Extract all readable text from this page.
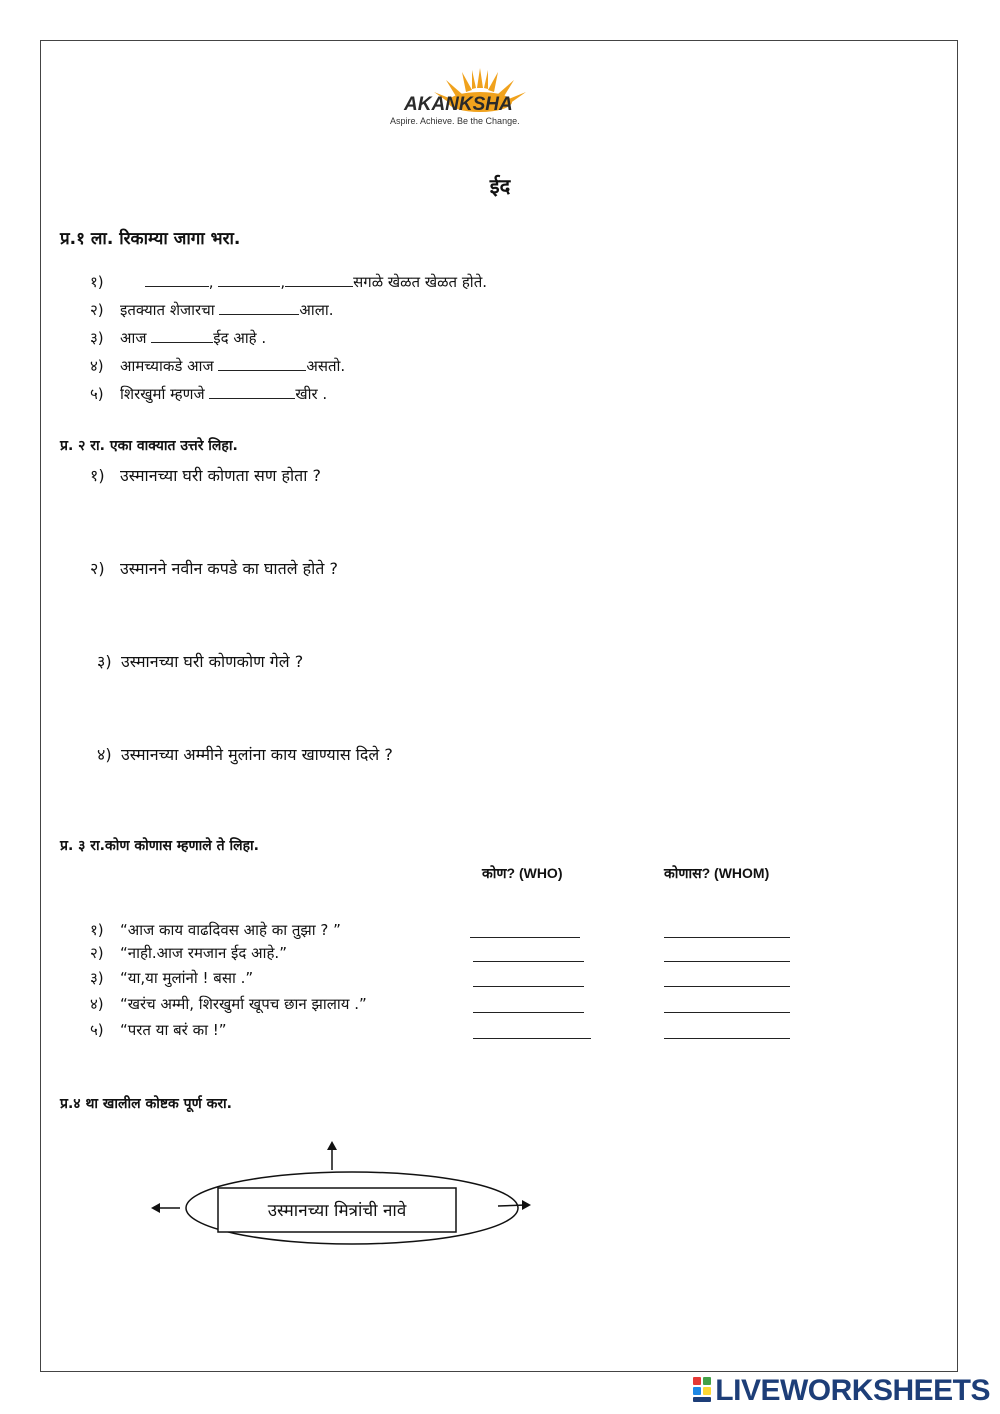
AKANKSHA
Aspire. Achieve. Be the Change.
ईद
प्र.१ ला. रिकाम्या जागा भरा.
१)	,	,	सगळे खेळत खेळत होते.
२) इतक्यात शेजारचा	आला.
३) आज	ईद आहे .
४) आमच्याकडे आज	असतो.
५) शिरखुर्मा म्हणजे	खीर .
प्र. २ रा. एका वाक्यात उत्तरे लिहा.
१) उस्मानच्या घरी कोणता सण होता ?
२) उस्मानने नवीन कपडे का घातले होते ?
३) उस्मानच्या घरी कोणकोण गेले ?
४) उस्मानच्या अम्मीने मुलांना काय खाण्यास दिले ?
प्र. ३ रा.कोण कोणास म्हणाले ते लिहा.
कोण? (WHO)	कोणास? (WHOM)
१) “आज काय वाढदिवस आहे का तुझा ? ”
२) “नाही.आज रमजान ईद आहे.”
३) “या,या मुलांनो ! बसा .”
४) “खरंच अम्मी, शिरखुर्मा खूपच छान झालाय .”
५) “परत या बरं का !”
प्र.४ था खालील कोष्टक पूर्ण करा.
उस्मानच्या मित्रांची नावे
LIVEWORKSHEETS
